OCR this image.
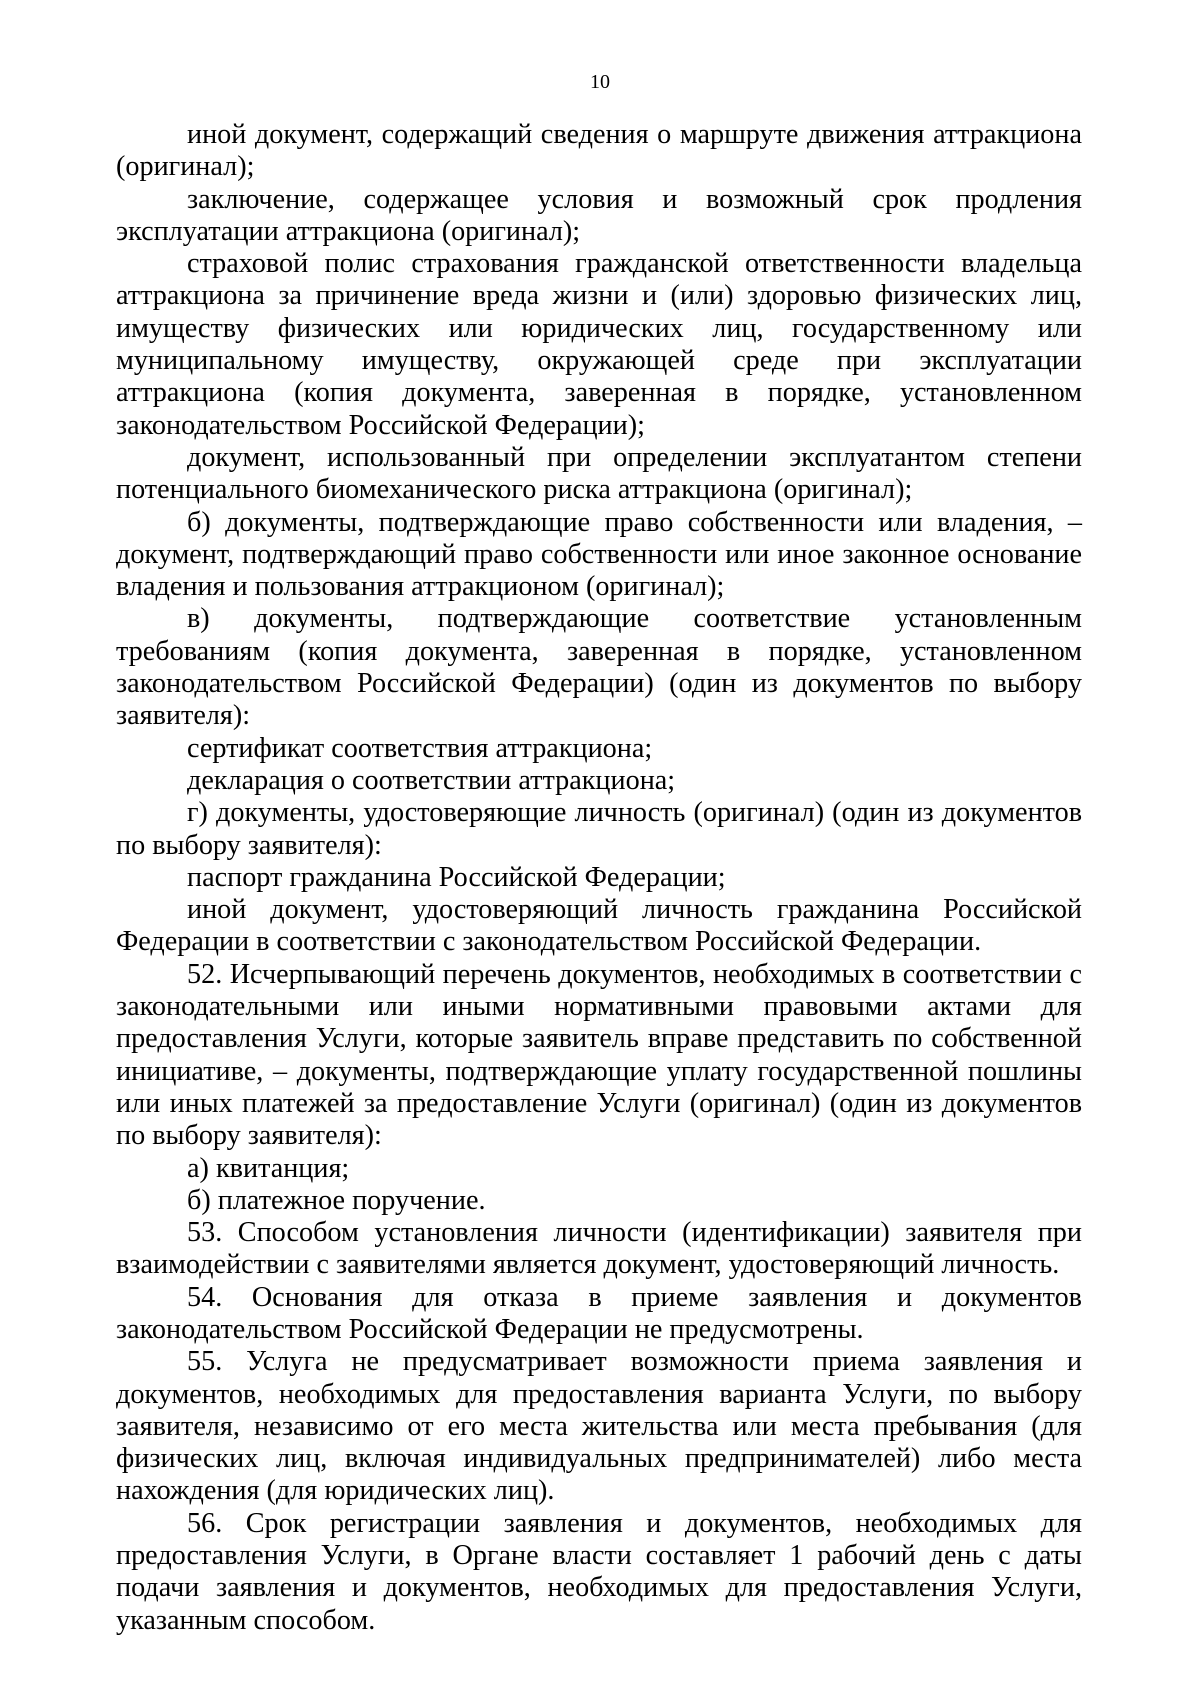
10

иной документ, содержащий сведения о маршруте движения аттракциона (оригинал);

заключение, содержащее условия и возможный срок продления эксплуатации аттракциона (оригинал);

страховой полис страхования гражданской ответственности владельца аттракциона за причинение вреда жизни и (или) здоровью физических лиц, имуществу физических или юридических лиц, государственному или муниципальному имуществу, окружающей среде при эксплуатации аттракциона (копия документа, заверенная в порядке, установленном законодательством Российской Федерации);

документ, использованный при определении эксплуатантом степени потенциального биомеханического риска аттракциона (оригинал);

б) документы, подтверждающие право собственности или владения, – документ, подтверждающий право собственности или иное законное основание владения и пользования аттракционом (оригинал);

в) документы, подтверждающие соответствие установленным требованиям (копия документа, заверенная в порядке, установленном законодательством Российской Федерации) (один из документов по выбору заявителя):

сертификат соответствия аттракциона;

декларация о соответствии аттракциона;

г) документы, удостоверяющие личность (оригинал) (один из документов по выбору заявителя):

паспорт гражданина Российской Федерации;

иной документ, удостоверяющий личность гражданина Российской Федерации в соответствии с законодательством Российской Федерации.

52. Исчерпывающий перечень документов, необходимых в соответствии с законодательными или иными нормативными правовыми актами для предоставления Услуги, которые заявитель вправе представить по собственной инициативе, – документы, подтверждающие уплату государственной пошлины или иных платежей за предоставление Услуги (оригинал) (один из документов по выбору заявителя):

а) квитанция;

б) платежное поручение.

53. Способом установления личности (идентификации) заявителя при взаимодействии с заявителями является документ, удостоверяющий личность.

54. Основания для отказа в приеме заявления и документов законодательством Российской Федерации не предусмотрены.

55. Услуга не предусматривает возможности приема заявления и документов, необходимых для предоставления варианта Услуги, по выбору заявителя, независимо от его места жительства или места пребывания (для физических лиц, включая индивидуальных предпринимателей) либо места нахождения (для юридических лиц).

56. Срок регистрации заявления и документов, необходимых для предоставления Услуги, в Органе власти составляет 1 рабочий день с даты подачи заявления и документов, необходимых для предоставления Услуги, указанным способом.
